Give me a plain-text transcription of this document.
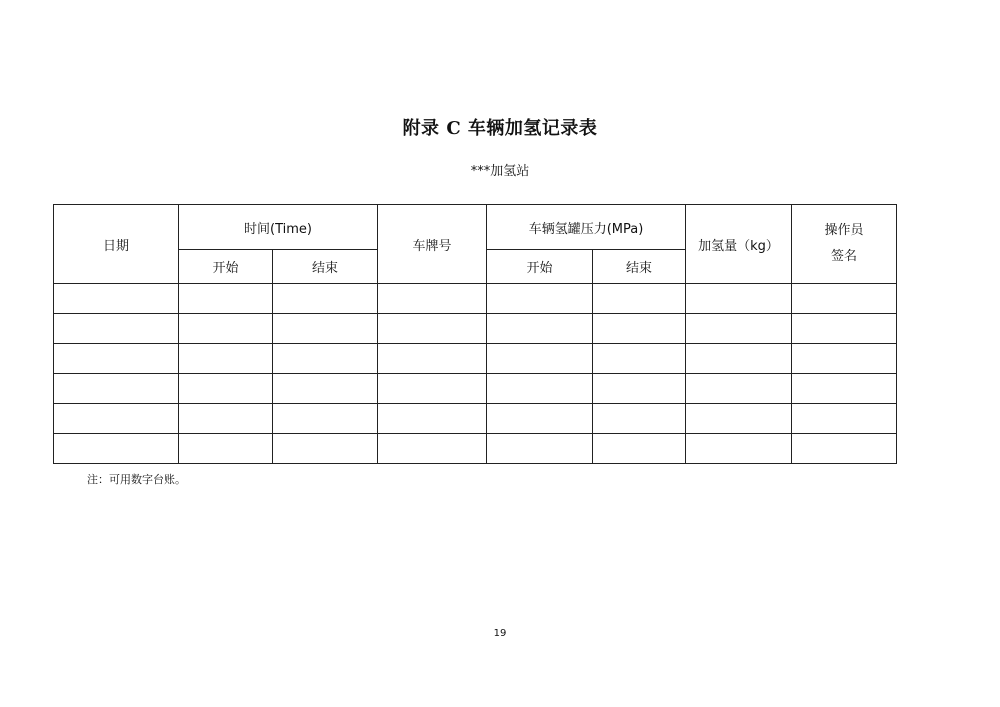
附录 C 车辆加氢记录表
***加氢站
日期	时间(Time)		车牌号	车辆氢罐压力(MPa)		加氢量（kg）	操作员
签名

	开始	结束		开始	结束		

注：可用数字台账。
19
